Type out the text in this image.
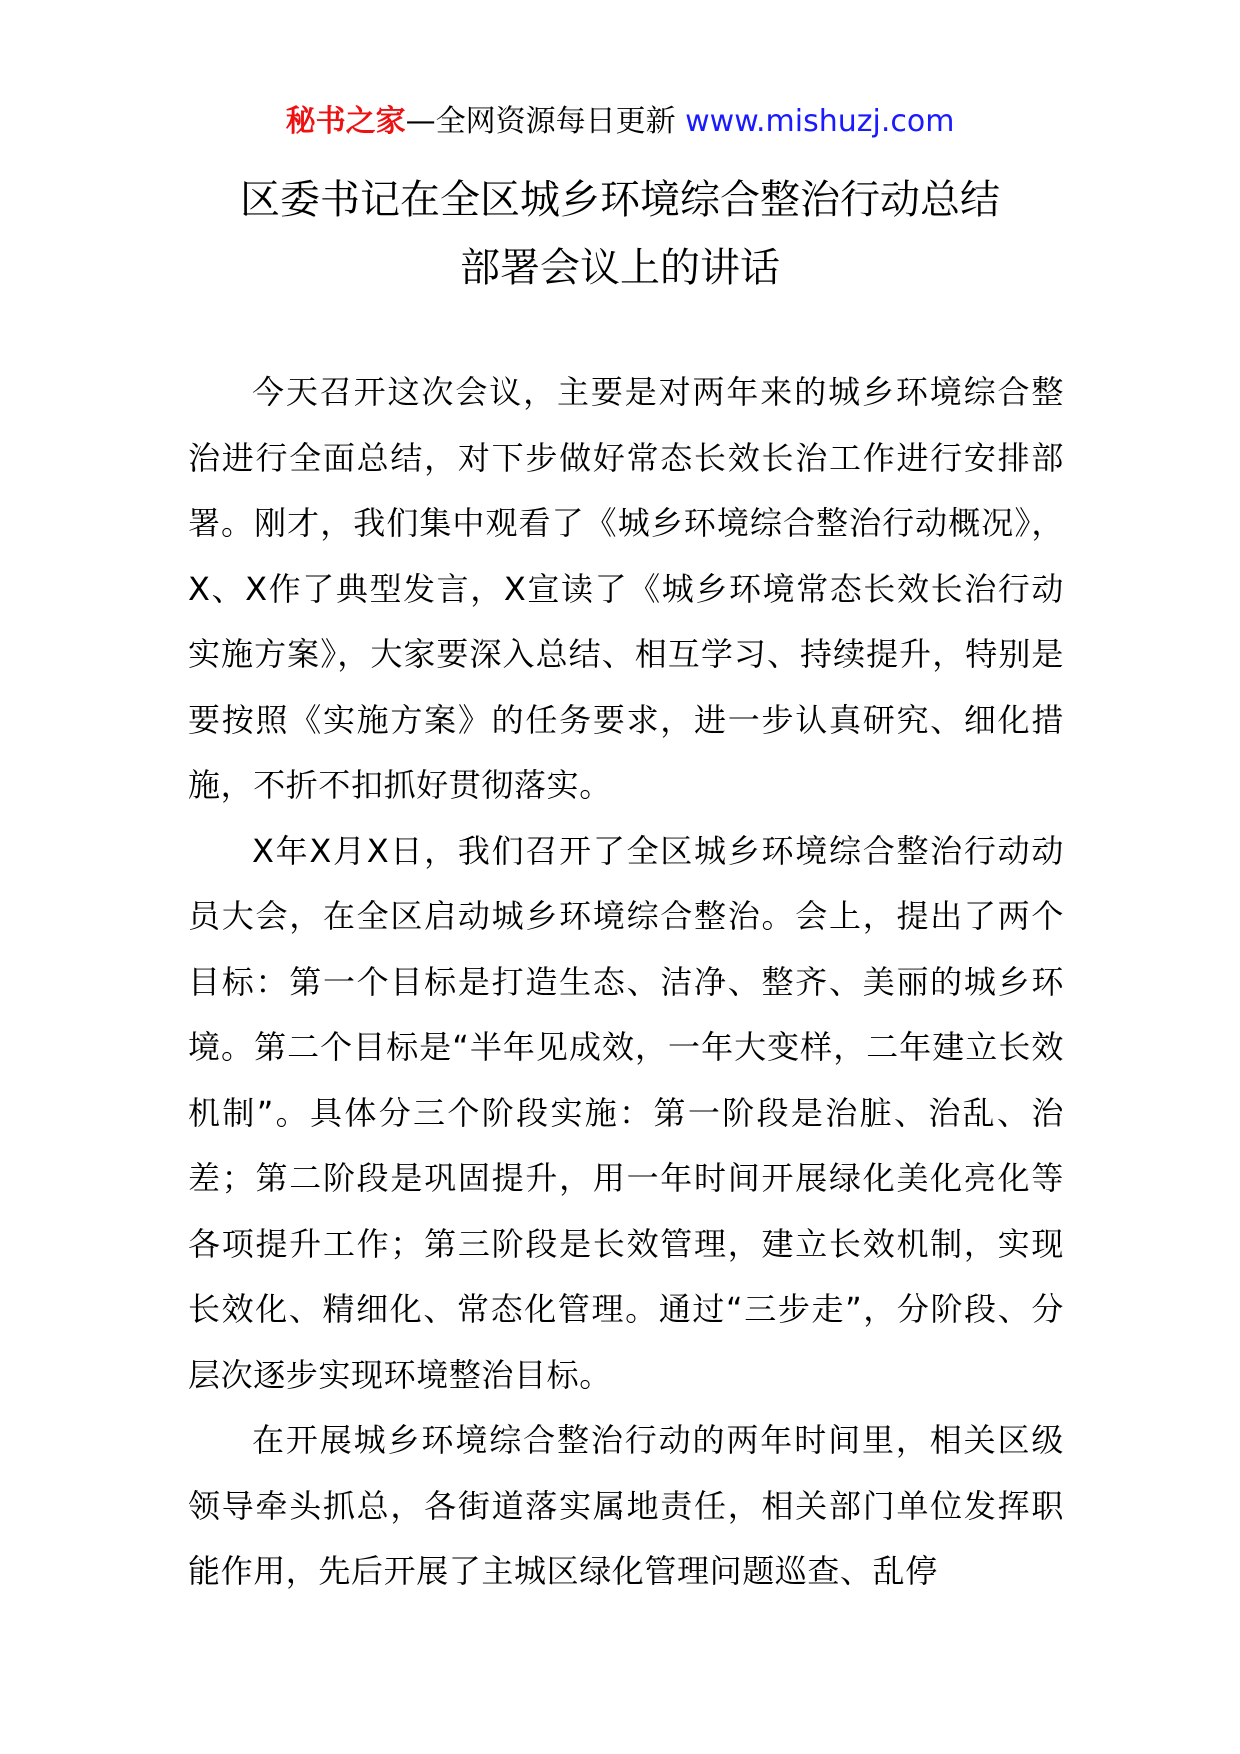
秘书之家—全网资源每日更新 www.mishuzj.com
区委书记在全区城乡环境综合整治行动总结
部署会议上的讲话

今天召开这次会议，主要是对两年来的城乡环境综合整治进行全面总结，对下步做好常态长效长治工作进行安排部署。刚才，我们集中观看了《城乡环境综合整治行动概况》，X、X作了典型发言，X宣读了《城乡环境常态长效长治行动实施方案》，大家要深入总结、相互学习、持续提升，特别是要按照《实施方案》的任务要求，进一步认真研究、细化措施，不折不扣抓好贯彻落实。

X年X月X日，我们召开了全区城乡环境综合整治行动动员大会，在全区启动城乡环境综合整治。会上，提出了两个目标：第一个目标是打造生态、洁净、整齐、美丽的城乡环境。第二个目标是“半年见成效，一年大变样，二年建立长效机制”。具体分三个阶段实施：第一阶段是治脏、治乱、治差；第二阶段是巩固提升，用一年时间开展绿化美化亮化等各项提升工作；第三阶段是长效管理，建立长效机制，实现长效化、精细化、常态化管理。通过“三步走”，分阶段、分层次逐步实现环境整治目标。

在开展城乡环境综合整治行动的两年时间里，相关区级领导牵头抓总，各街道落实属地责任，相关部门单位发挥职能作用，先后开展了主城区绿化管理问题巡查、乱停
